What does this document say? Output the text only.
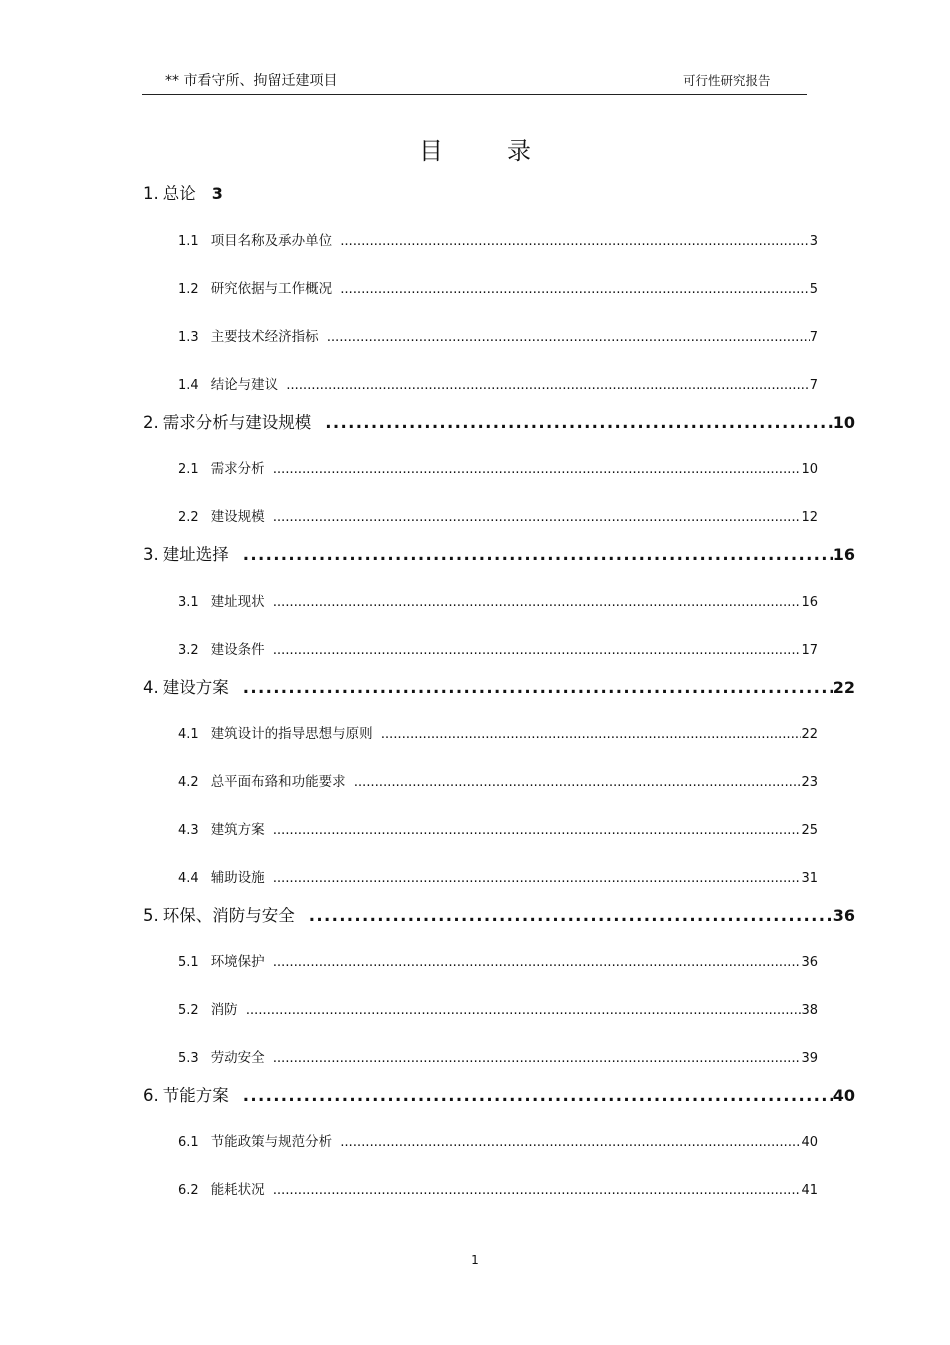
** 市看守所、拘留迁建项目	可行性研究报告
目录
1. 总论 3
1.1 项目名称及承办单位 . . .	3
1.2 研究依据与工作概况 . . .	5
1.3 主要技术经济指标 . . .	7
1.4 结论与建议 . . .	7
2. 需求分析与建设规模 . . .	10
2.1 需求分析 . . .	10
2.2 建设规模 . . .	12
3. 建址选择 . . .	16
3.1 建址现状 . . .	16
3.2 建设条件 . . .	17
4. 建设方案 . . .	22
4.1 建筑设计的指导思想与原则 . . .	22
4.2 总平面布臵和功能要求 . . .	23
4.3 建筑方案 . . .	25
4.4 辅助设施 . . .	31
5. 环保、消防与安全 . . .	36
5.1 环境保护 . . .	36
5.2 消防 . . .	38
5.3 劳动安全 . . .	39
6. 节能方案 . . .	40
6.1 节能政策与规范分析 . . .	40
6.2 能耗状况 . . .	41
1
